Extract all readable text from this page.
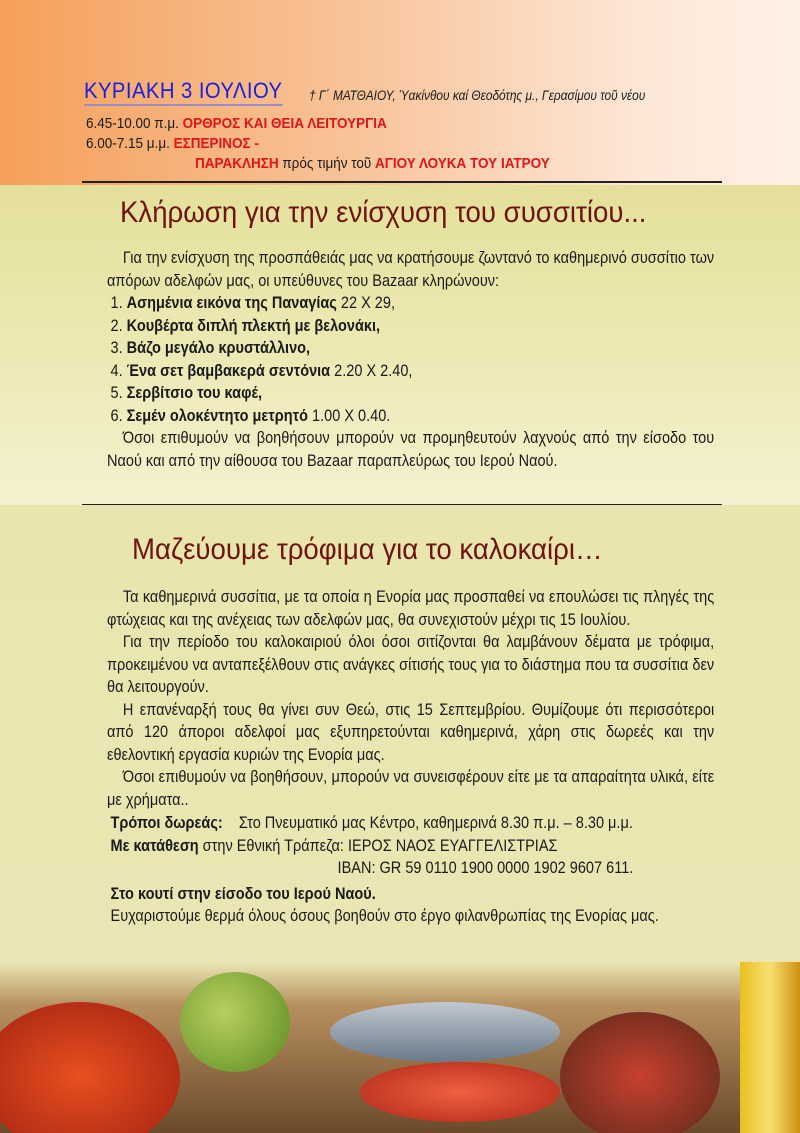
ΚΥΡΙΑΚΗ 3 ΙΟΥΛΙΟΥ † Γ΄ ΜΑΤΘΑΙΟΥ, Ὑακίνθου καί Θεοδότης μ., Γερασίμου τοῦ νέου
6.45-10.00 π.μ. ΟΡΘΡΟΣ ΚΑΙ ΘΕΙΑ ΛΕΙΤΟΥΡΓΙΑ
6.00-7.15 μ.μ. ΕΣΠΕΡΙΝΟΣ -
ΠΑΡΑΚΛΗΣΗ πρός τιμήν τοῦ ΑΓΙΟΥ ΛΟΥΚΑ ΤΟΥ ΙΑΤΡΟΥ
Κλήρωση για την ενίσχυση του συσσιτίου...

Για την ενίσχυση της προσπάθειάς μας να κρατήσουμε ζωντανό το καθημερινό συσσίτιο των απόρων αδελφών μας, οι υπεύθυνες του Bazaar κληρώνουν:

1. Ασημένια εικόνα της Παναγίας 22 Χ 29,
2. Κουβέρτα διπλή πλεκτή με βελονάκι,
3. Βάζο μεγάλο κρυστάλλινο,
4. Ένα σετ βαμβακερά σεντόνια 2.20 Χ 2.40,
5. Σερβίτσιο του καφέ,
6. Σεμέν ολοκέντητο μετρητό 1.00 Χ 0.40.

Όσοι επιθυμούν να βοηθήσουν μπορούν να προμηθευτούν λαχνούς από την είσοδο του Ναού και από την αίθουσα του Bazaar παραπλεύρως του Ιερού Ναού.

Μαζεύουμε τρόφιμα για το καλοκαίρι…

Τα καθημερινά συσσίτια, με τα οποία η Ενορία μας προσπαθεί να επουλώσει τις πληγές της φτώχειας και της ανέχειας των αδελφών μας, θα συνεχιστούν μέχρι τις 15 Ιουλίου.

Για την περίοδο του καλοκαιριού όλοι όσοι σιτίζονται θα λαμβάνουν δέματα με τρόφιμα, προκειμένου να ανταπεξέλθουν στις ανάγκες σίτισής τους για το διάστημα που τα συσσίτια δεν θα λειτουργούν.

Η επανέναρξή τους θα γίνει συν Θεώ, στις 15 Σεπτεμβρίου. Θυμίζουμε ότι περισσότεροι από 120 άποροι αδελφοί μας εξυπηρετούνται καθημερινά, χάρη στις δωρεές και την εθελοντική εργασία κυριών της Ενορία μας.

Όσοι επιθυμούν να βοηθήσουν, μπορούν να συνεισφέρουν είτε με τα απαραίτητα υλικά, είτε με χρήματα..

Τρόποι δωρεάς: Στο Πνευματικό μας Κέντρο, καθημερινά 8.30 π.μ. – 8.30 μ.μ.
Με κατάθεση στην Εθνική Τράπεζα: ΙΕΡΟΣ ΝΑΟΣ ΕΥΑΓΓΕΛΙΣΤΡΙΑΣ
IBAN: GR 59 0110 1900 0000 1902 9607 611.
Στο κουτί στην είσοδο του Ιερού Ναού.
Ευχαριστούμε θερμά όλους όσους βοηθούν στο έργο φιλανθρωπίας της Ενορίας μας.
